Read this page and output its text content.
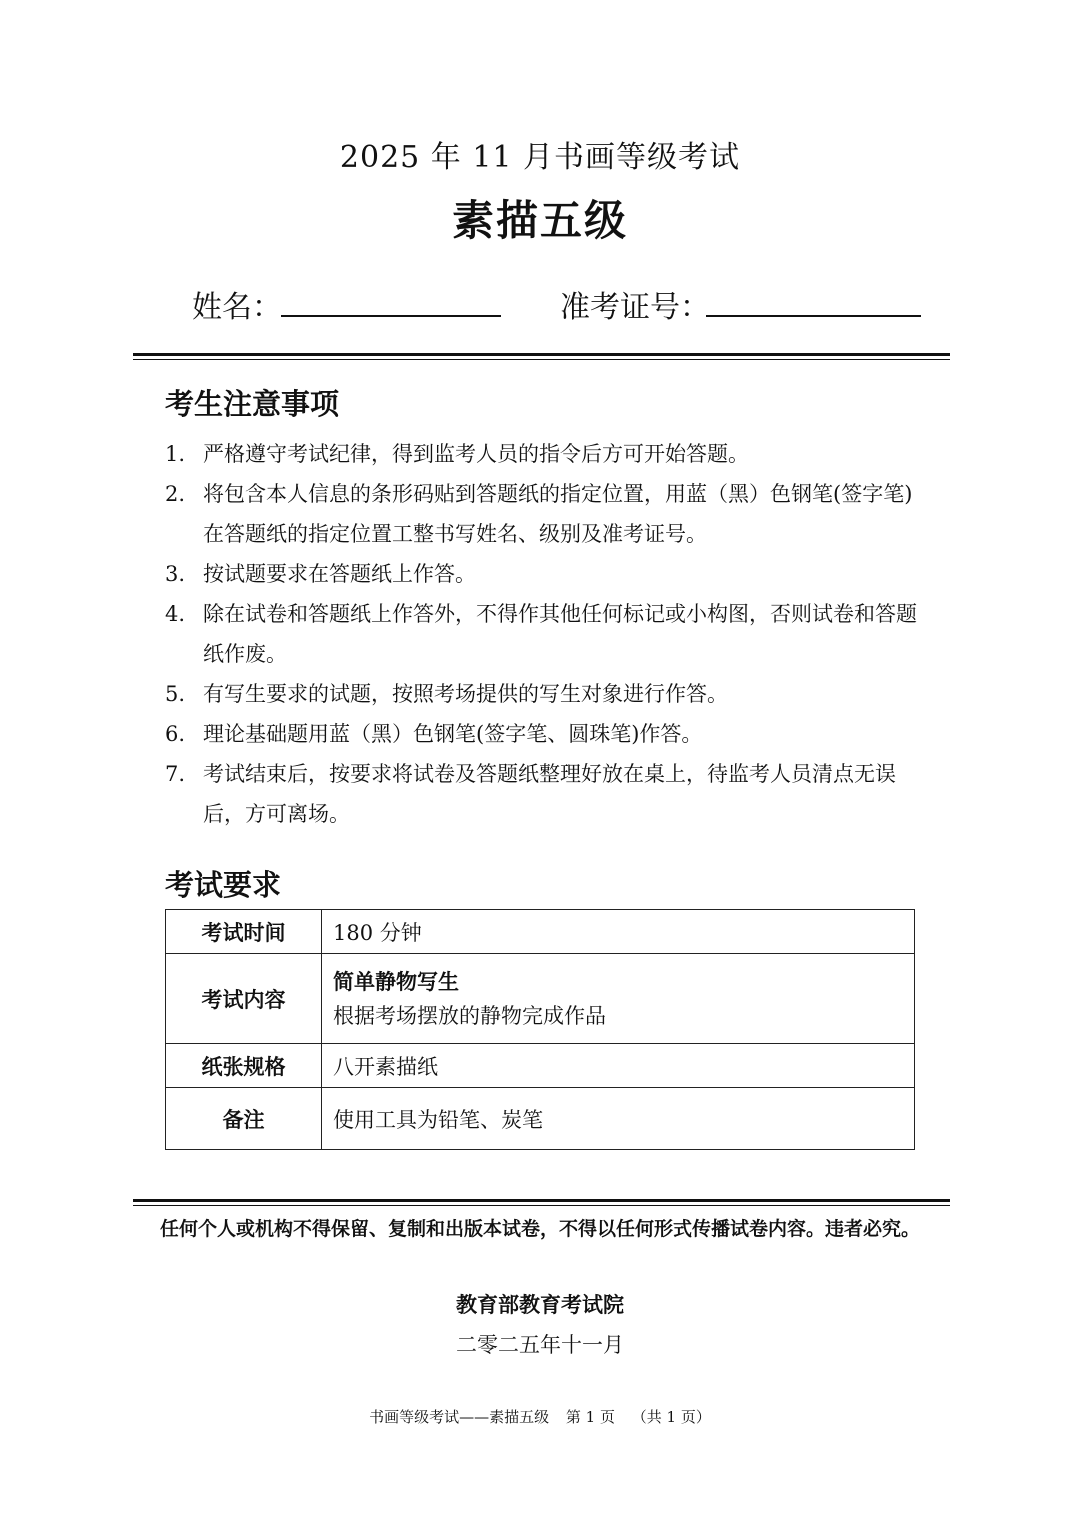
2025 年 11 月书画等级考试
素描五级
姓名：	准考证号：
考生注意事项
1. 严格遵守考试纪律，得到监考人员的指令后方可开始答题。
2. 将包含本人信息的条形码贴到答题纸的指定位置，用蓝（黑）色钢笔(签字笔)在答题纸的指定位置工整书写姓名、级别及准考证号。
3. 按试题要求在答题纸上作答。
4. 除在试卷和答题纸上作答外，不得作其他任何标记或小构图，否则试卷和答题纸作废。
5. 有写生要求的试题，按照考场提供的写生对象进行作答。
6. 理论基础题用蓝（黑）色钢笔(签字笔、圆珠笔)作答。
7. 考试结束后，按要求将试卷及答题纸整理好放在桌上，待监考人员清点无误后，方可离场。
考试要求
考试时间	180 分钟
考试内容	简单静物写生
根据考场摆放的静物完成作品

纸张规格	八开素描纸
备注	使用工具为铅笔、炭笔
任何个人或机构不得保留、复制和出版本试卷，不得以任何形式传播试卷内容。违者必究。
教育部教育考试院
二零二五年十一月
书画等级考试——素描五级 第 1 页 （共 1 页）
